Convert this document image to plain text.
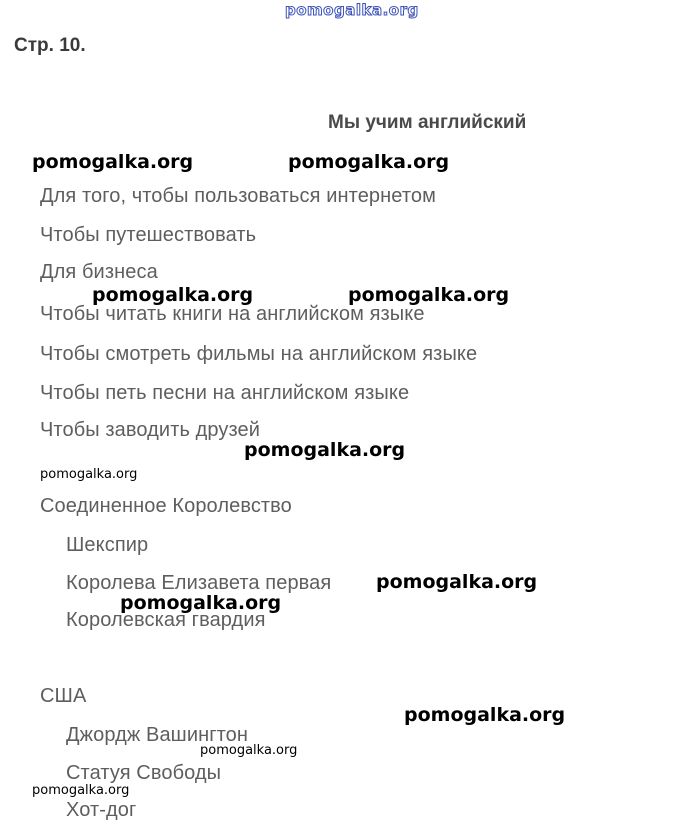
pomogalka.org
Стр. 10.
Мы учим английский
Для того, чтобы пользоваться интернетом
Чтобы путешествовать
Для бизнеса
Чтобы читать книги на английском языке
Чтобы смотреть фильмы на английском языке
Чтобы петь песни на английском языке
Чтобы заводить друзей
Соединенное Королевство
Шекспир
Королева Елизавета первая
Королевская гвардия
США
Джордж Вашингтон
Статуя Свободы
Хот-дог
pomogalka.org	pomogalka.org
pomogalka.org	pomogalka.org
pomogalka.org
pomogalka.org
pomogalka.org
pomogalka.org
pomogalka.org
pomogalka.org
pomogalka.org
